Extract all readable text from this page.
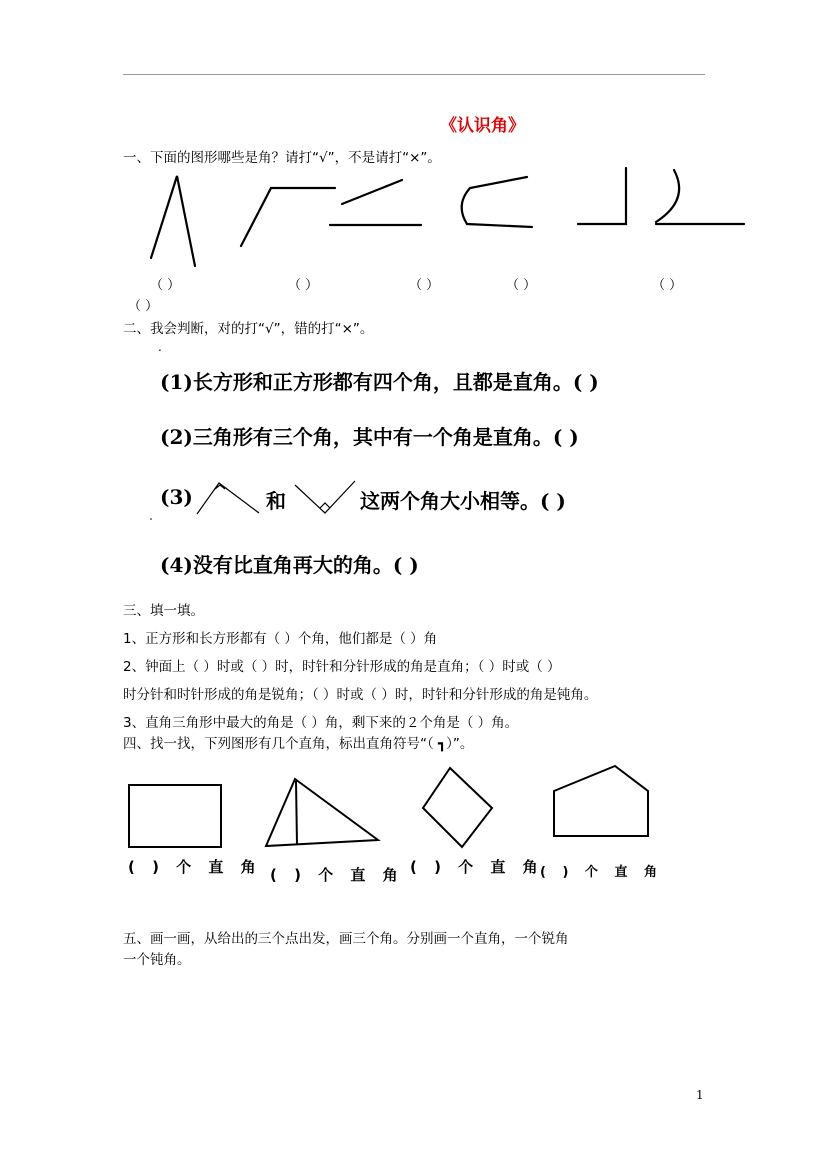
《认识角》
一、下面的图形哪些是角？请打“√”，不是请打“×”。
（ ）	（ ）	（ ）	（ ）	（ ）
（ ）
二、我会判断，对的打“√”，错的打“×”。
.
(1)长方形和正方形都有四个角，且都是直角。( )
(2)三角形有三个角，其中有一个角是直角。( )
(3)	和	这两个角大小相等。( )
(4)没有比直角再大的角。( )
三、填一填。
1、正方形和长方形都有（ ）个角，他们都是（ ）角
2、钟面上（ ）时或（ ）时，时针和分针形成的角是直角；（ ）时或（ ）
时分针和时针形成的角是锐角；（ ）时或（ ）时，时针和分针形成的角是钝角。
3、直角三角形中最大的角是（ ）角，剩下来的２个角是（ ）角。
四、找一找，下列图形有几个直角，标出直角符号“（ ┓）”。
( ) 个 直 角 ( ) 个 直 角 ( ) 个 直 角
( ) 个 直 角
五、画一画，从给出的三个点出发，画三个角。分别画一个直角，一个锐角
一个钝角。
1
